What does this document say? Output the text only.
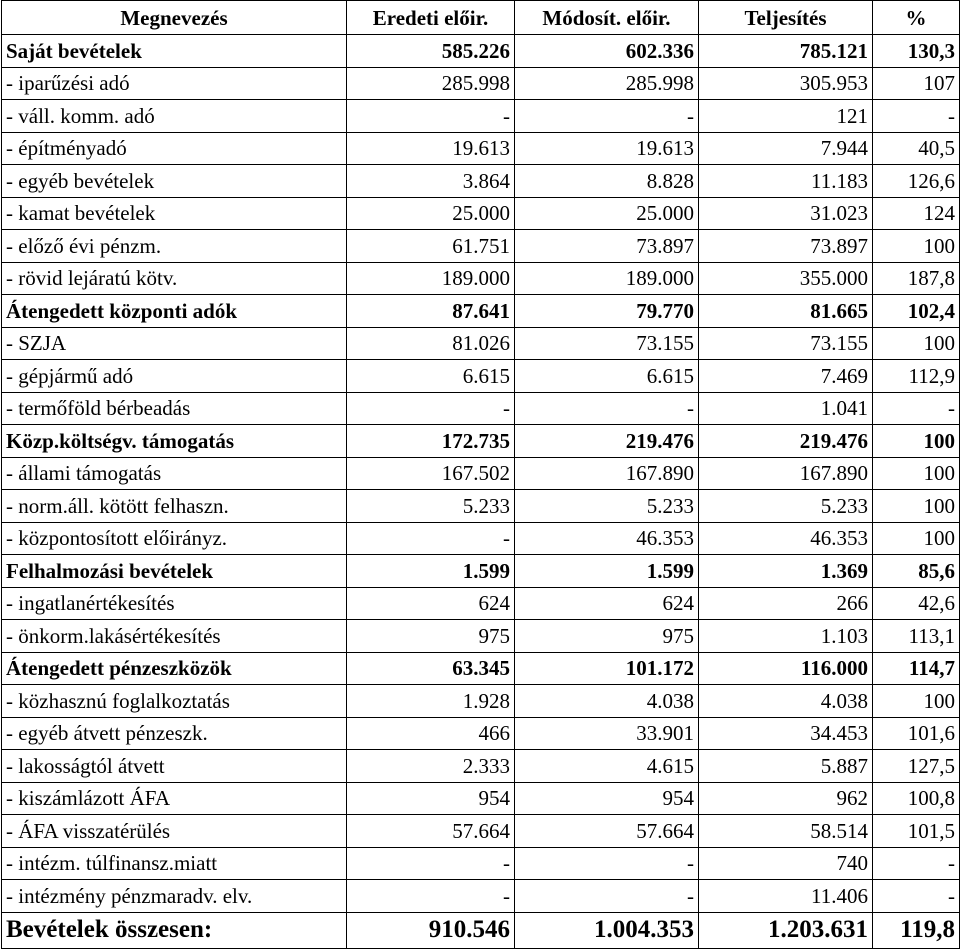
Megnevezés	Eredeti előir.	Módosít. előir.	Teljesítés	%
Saját bevételek	585.226	602.336	785.121	130,3
- iparűzési adó	285.998	285.998	305.953	107
- váll. komm. adó	-	-	121	-
- építményadó	19.613	19.613	7.944	40,5
- egyéb bevételek	3.864	8.828	11.183	126,6
- kamat bevételek	25.000	25.000	31.023	124
- előző évi pénzm.	61.751	73.897	73.897	100
- rövid lejáratú kötv.	189.000	189.000	355.000	187,8
Átengedett központi adók	87.641	79.770	81.665	102,4
- SZJA	81.026	73.155	73.155	100
- gépjármű adó	6.615	6.615	7.469	112,9
- termőföld bérbeadás	-	-	1.041	-
Közp.költségv. támogatás	172.735	219.476	219.476	100
- állami támogatás	167.502	167.890	167.890	100
- norm.áll. kötött felhaszn.	5.233	5.233	5.233	100
- központosított előirányz.	-	46.353	46.353	100
Felhalmozási bevételek	1.599	1.599	1.369	85,6
- ingatlanértékesítés	624	624	266	42,6
- önkorm.lakásértékesítés	975	975	1.103	113,1
Átengedett pénzeszközök	63.345	101.172	116.000	114,7
- közhasznú foglalkoztatás	1.928	4.038	4.038	100
- egyéb átvett pénzeszk.	466	33.901	34.453	101,6
- lakosságtól átvett	2.333	4.615	5.887	127,5
- kiszámlázott ÁFA	954	954	962	100,8
- ÁFA visszatérülés	57.664	57.664	58.514	101,5
- intézm. túlfinansz.miatt	-	-	740	-
- intézmény pénzmaradv. elv.	-	-	11.406	-
Bevételek összesen:	910.546	1.004.353	1.203.631	119,8
